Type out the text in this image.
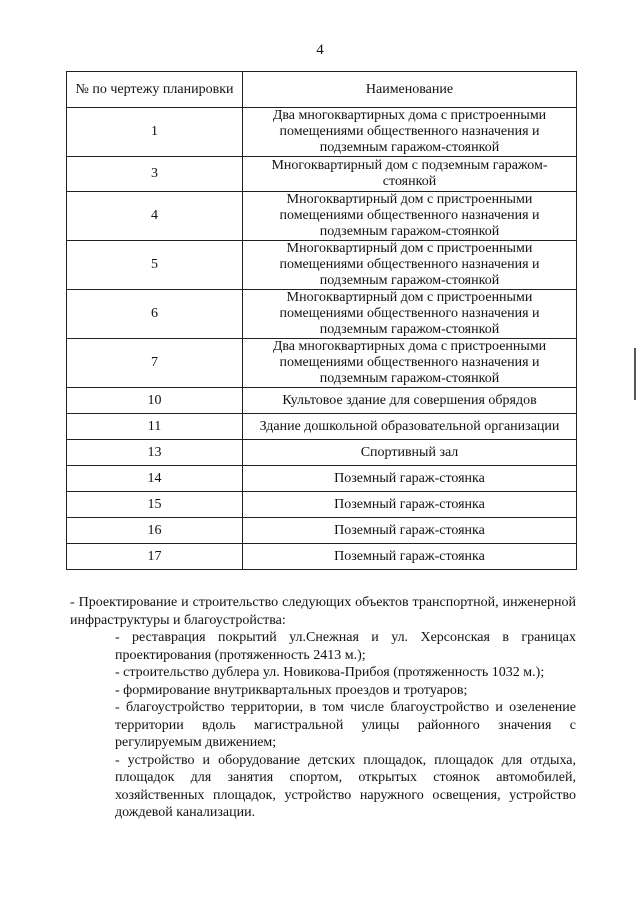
4
№ по чертежу планировки	Наименование
1	Два многоквартирных дома с пристроенными помещениями общественного назначения и подземным гаражом-стоянкой
3	Многоквартирный дом с подземным гаражом-стоянкой
4	Многоквартирный дом с пристроенными помещениями общественного назначения и подземным гаражом-стоянкой
5	Многоквартирный дом с пристроенными помещениями общественного назначения и подземным гаражом-стоянкой
6	Многоквартирный дом с пристроенными помещениями общественного назначения и подземным гаражом-стоянкой
7	Два многоквартирных дома с пристроенными помещениями общественного назначения и подземным гаражом-стоянкой
10	Культовое здание для совершения обрядов
11	Здание дошкольной образовательной организации
13	Спортивный зал
14	Поземный гараж-стоянка
15	Поземный гараж-стоянка
16	Поземный гараж-стоянка
17	Поземный гараж-стоянка

- Проектирование и строительство следующих объектов транспортной, инженерной инфраструктуры и благоустройства:

- реставрация покрытий ул.Снежная и ул. Херсонская в границах проектирования (протяженность 2413 м.);

- строительство дублера ул. Новикова-Прибоя (протяженность 1032 м.);

- формирование внутриквартальных проездов и тротуаров;

- благоустройство территории, в том числе благоустройство и озеленение территории вдоль магистральной улицы районного значения с регулируемым движением;

- устройство и оборудование детских площадок, площадок для отдыха, площадок для занятия спортом, открытых стоянок автомобилей, хозяйственных площадок, устройство наружного освещения, устройство дождевой канализации.
